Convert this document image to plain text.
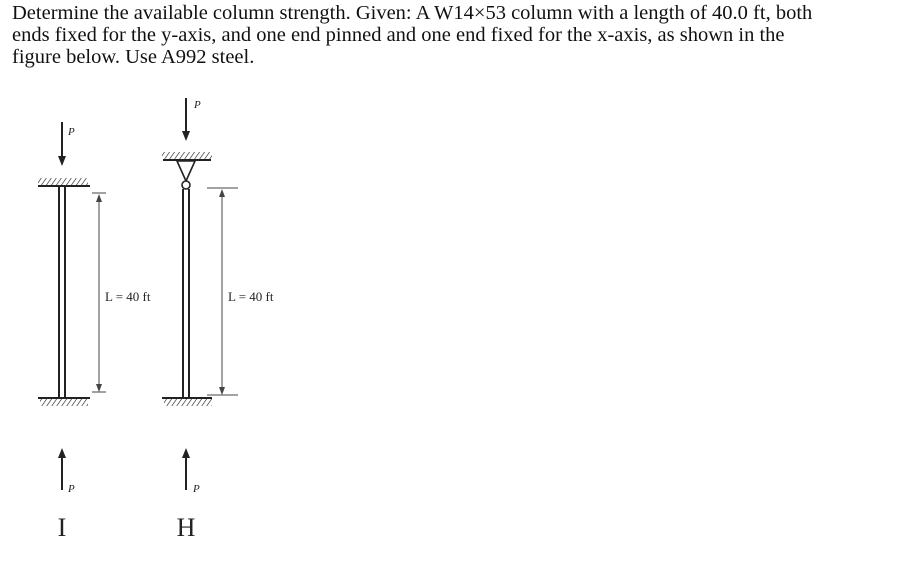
Determine the available column strength. Given: A W14×53 column with a length of 40.0 ft, both
ends fixed for the y-axis, and one end pinned and one end fixed for the x-axis, as shown in the
figure below. Use A992 steel.

P
L = 40 ft
P
I
P
L = 40 ft
P
H
